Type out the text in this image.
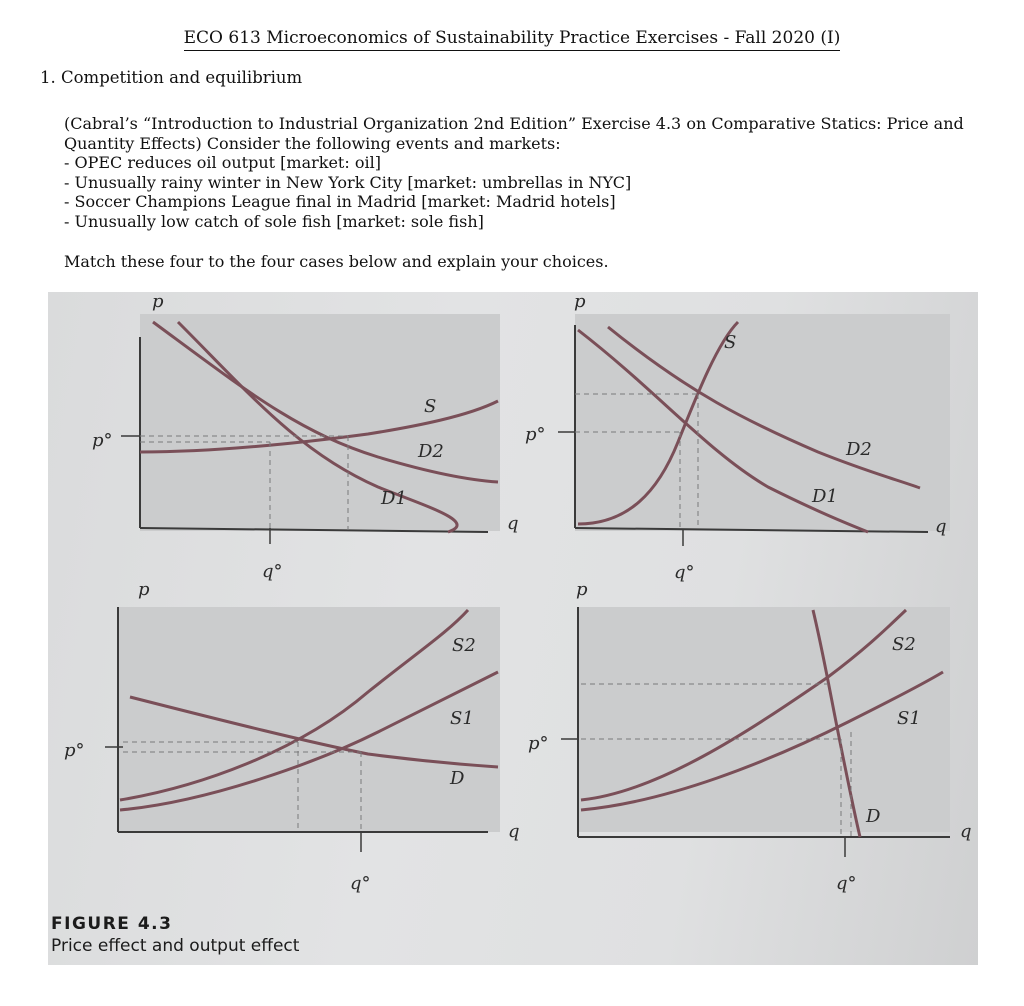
ECO 613 Microeconomics of Sustainability Practice Exercises - Fall 2020 (I)
1. Competition and equilibrium
(Cabral’s “Introduction to Industrial Organization 2nd Edition” Exercise 4.3 on Comparative Statics: Price and Quantity Effects) Consider the following events and markets:
- OPEC reduces oil output [market: oil]
- Unusually rainy winter in New York City [market: umbrellas in NYC]
- Soccer Champions League final in Madrid [market: Madrid hotels]
- Unusually low catch of sole fish [market: sole fish]
Match these four to the four cases below and explain your choices.
p
p°
q
q°
S
D2
D1
p
p°
q
q°
S
D2
D1
p
p°
q
q°
S2
S1
D
p
p°
q
q°
S2
S1
D
FIGURE 4.3
Price effect and output effect
